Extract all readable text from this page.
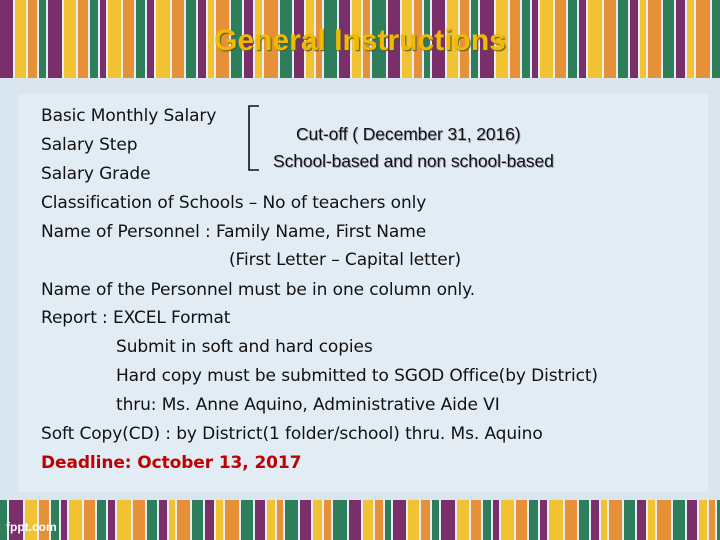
General Instructions
Basic Monthly Salary
Salary Step
Salary Grade
Cut-off ( December 31, 2016)
School-based and non school-based
Classification of Schools – No of teachers only
Name of Personnel : Family Name, First Name
(First Letter – Capital letter)
Name of the Personnel must be in one column only.
Report : EXCEL Format
Submit in soft and hard copies
Hard copy must be submitted to SGOD Office(by District)
thru: Ms. Anne Aquino, Administrative Aide VI
Soft Copy(CD) : by District(1 folder/school) thru. Ms. Aquino
Deadline: October 13, 2017
fppt.com
